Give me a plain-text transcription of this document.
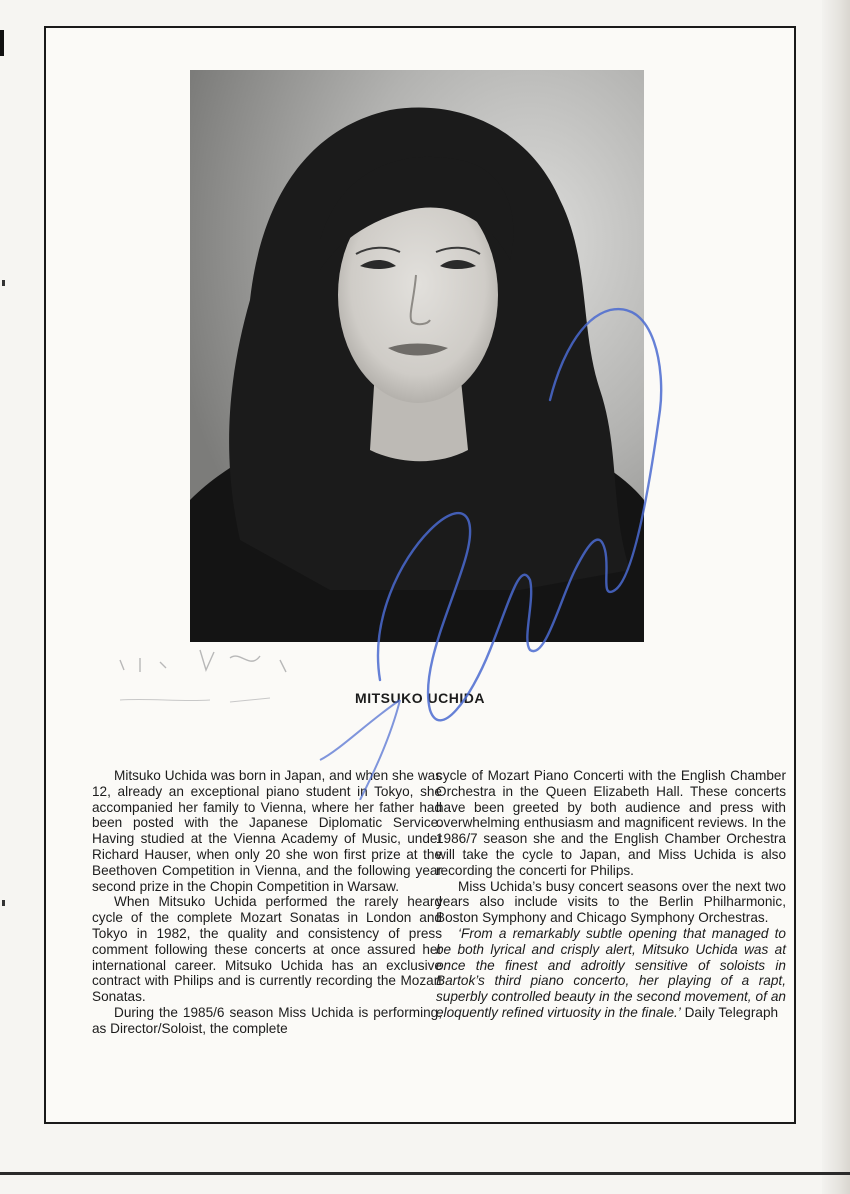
MITSUKO UCHIDA

Mitsuko Uchida was born in Japan, and when she was 12, already an exceptional piano student in Tokyo, she accompanied her family to Vienna, where her father had been posted with the Japanese Diplomatic Service. Having studied at the Vienna Academy of Music, under Richard Hauser, when only 20 she won first prize at the Beethoven Competition in Vienna, and the following year second prize in the Chopin Competition in Warsaw.

When Mitsuko Uchida performed the rarely heard cycle of the complete Mozart Sonatas in London and Tokyo in 1982, the quality and consistency of press comment following these concerts at once assured her international career. Mitsuko Uchida has an exclusive contract with Philips and is currently recording the Mozart Sonatas.

During the 1985/6 season Miss Uchida is performing, as Director/Soloist, the complete

cycle of Mozart Piano Concerti with the English Chamber Orchestra in the Queen Elizabeth Hall. These concerts have been greeted by both audience and press with overwhelming enthusiasm and magnificent reviews. In the 1986/7 season she and the English Chamber Orchestra will take the cycle to Japan, and Miss Uchida is also recording the concerti for Philips.

Miss Uchida’s busy concert seasons over the next two years also include visits to the Berlin Philharmonic, Boston Symphony and Chicago Symphony Orchestras.

‘From a remarkably subtle opening that managed to be both lyrical and crisply alert, Mitsuko Uchida was at once the finest and adroitly sensitive of soloists in Bartok’s third piano concerto, her playing of a rapt, superbly controlled beauty in the second movement, of an eloquently refined virtuosity in the finale.’ Daily Telegraph
